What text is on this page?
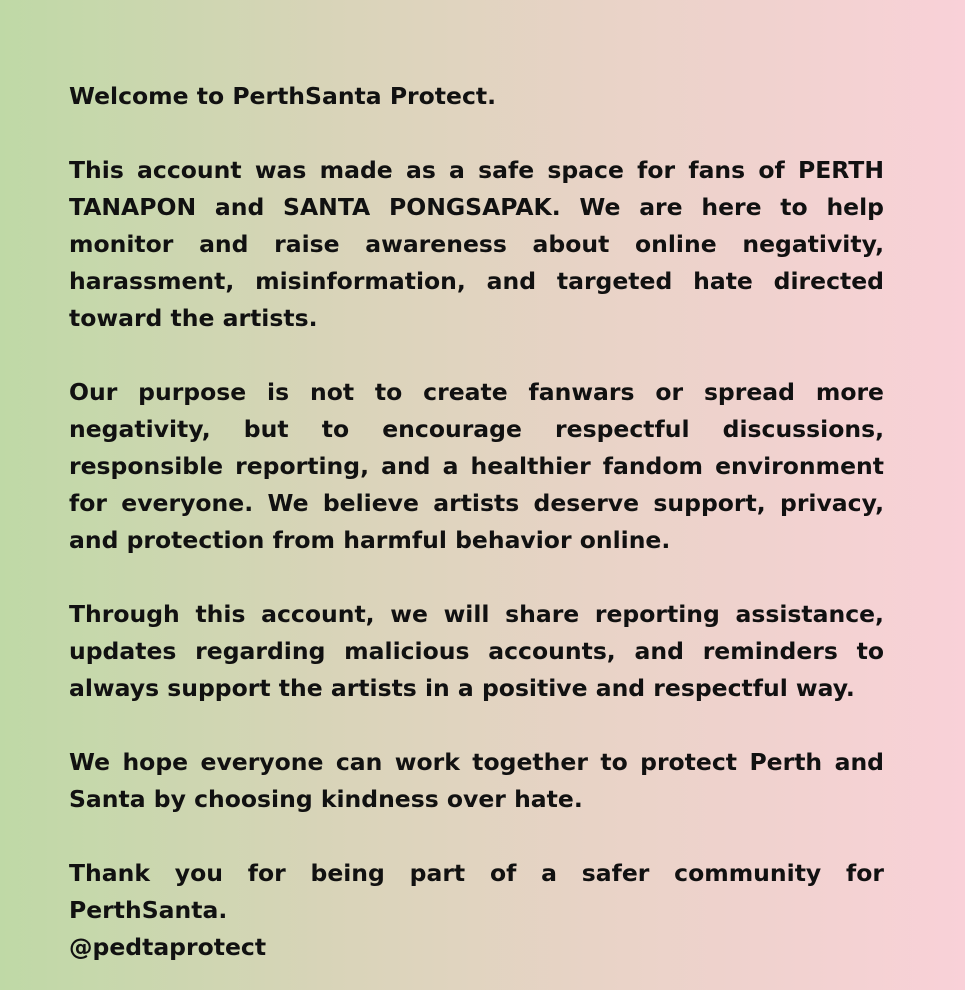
Welcome to PerthSanta Protect.

This account was made as a safe space for fans of PERTH TANAPON and SANTA PONGSAPAK. We are here to help monitor and raise awareness about online negativity, harassment, misinformation, and targeted hate directed toward the artists.

Our purpose is not to create fanwars or spread more negativity, but to encourage respectful discussions, responsible reporting, and a healthier fandom environment for everyone. We believe artists deserve support, privacy, and protection from harmful behavior online.

Through this account, we will share reporting assistance, updates regarding malicious accounts, and reminders to always support the artists in a positive and respectful way.

We hope everyone can work together to protect Perth and Santa by choosing kindness over hate.

Thank you for being part of a safer community for PerthSanta.
@pedtaprotect
